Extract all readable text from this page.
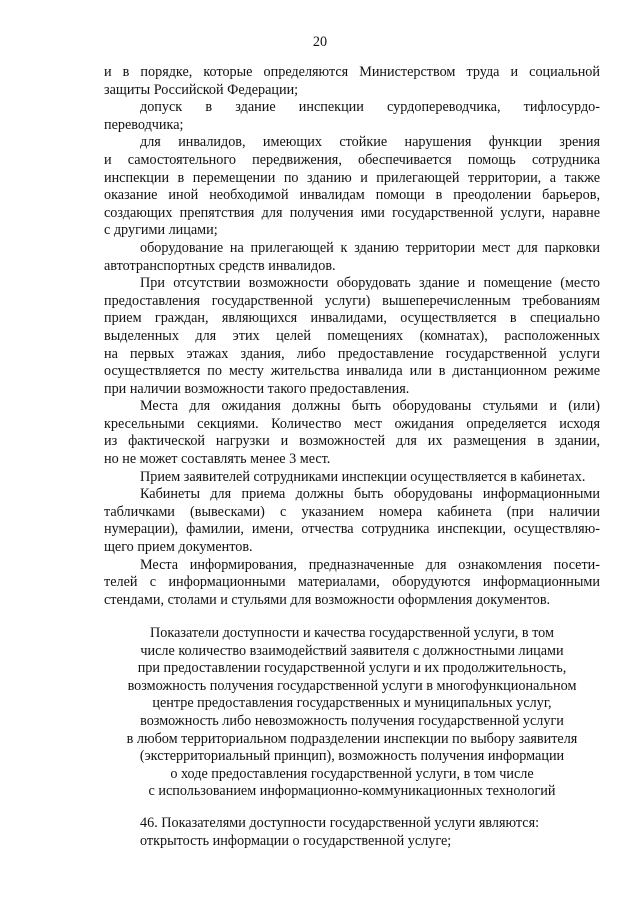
20
и в порядке, которые определяются Министерством труда и социальной
защиты Российской Федерации;
допуск в здание инспекции сурдопереводчика, тифлосурдо-
переводчика;
для инвалидов, имеющих стойкие нарушения функции зрения
и самостоятельного передвижения, обеспечивается помощь сотрудника
инспекции в перемещении по зданию и прилегающей территории, а также
оказание иной необходимой инвалидам помощи в преодолении барьеров,
создающих препятствия для получения ими государственной услуги, наравне
с другими лицами;
оборудование на прилегающей к зданию территории мест для парковки
автотранспортных средств инвалидов.
При отсутствии возможности оборудовать здание и помещение (место
предоставления государственной услуги) вышеперечисленным требованиям
прием граждан, являющихся инвалидами, осуществляется в специально
выделенных для этих целей помещениях (комнатах), расположенных
на первых этажах здания, либо предоставление государственной услуги
осуществляется по месту жительства инвалида или в дистанционном режиме
при наличии возможности такого предоставления.
Места для ожидания должны быть оборудованы стульями и (или)
кресельными секциями. Количество мест ожидания определяется исходя
из фактической нагрузки и возможностей для их размещения в здании,
но не может составлять менее 3 мест.
Прием заявителей сотрудниками инспекции осуществляется в кабинетах.
Кабинеты для приема должны быть оборудованы информационными
табличками (вывесками) с указанием номера кабинета (при наличии
нумерации), фамилии, имени, отчества сотрудника инспекции, осуществляю-
щего прием документов.
Места информирования, предназначенные для ознакомления посети-
телей с информационными материалами, оборудуются информационными
стендами, столами и стульями для возможности оформления документов.
Показатели доступности и качества государственной услуги, в том
числе количество взаимодействий заявителя с должностными лицами
при предоставлении государственной услуги и их продолжительность,
возможность получения государственной услуги в многофункциональном
центре предоставления государственных и муниципальных услуг,
возможность либо невозможность получения государственной услуги
в любом территориальном подразделении инспекции по выбору заявителя
(экстерриториальный принцип), возможность получения информации
о ходе предоставления государственной услуги, в том числе
с использованием информационно-коммуникационных технологий
46. Показателями доступности государственной услуги являются:
открытость информации о государственной услуге;
